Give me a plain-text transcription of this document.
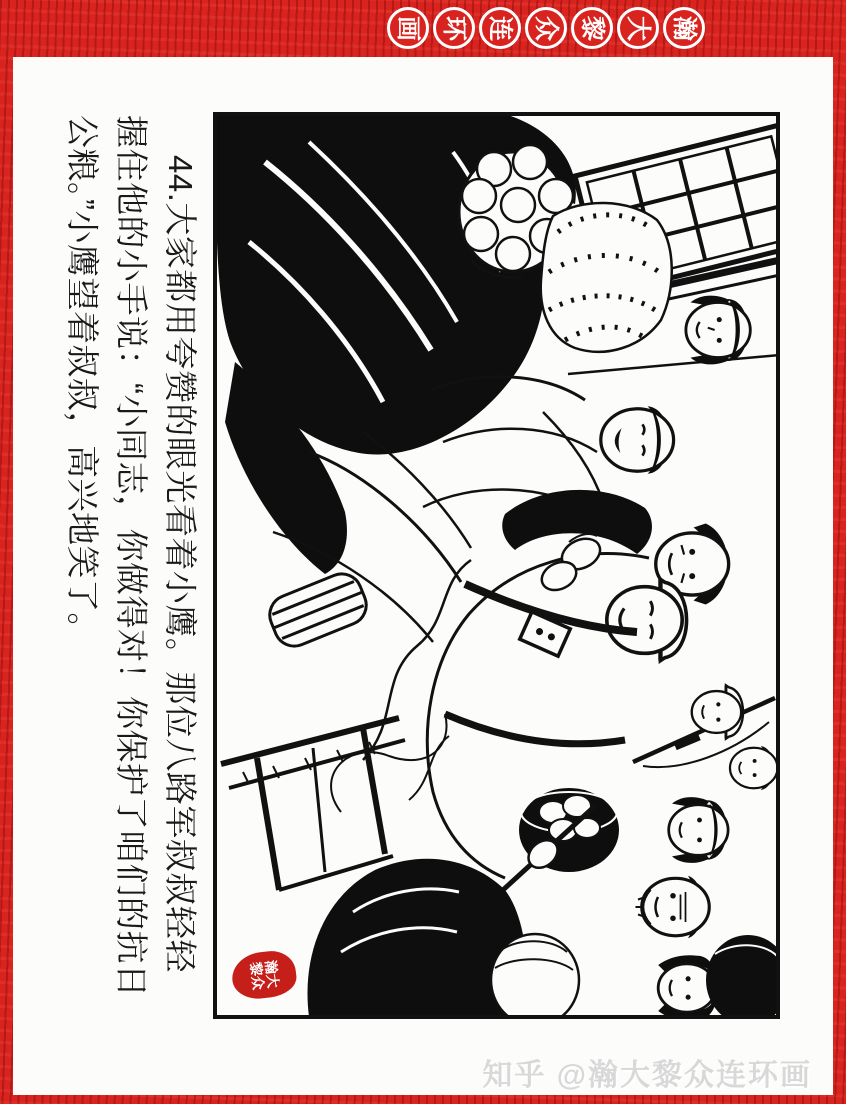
画 环 连 众 黎 大 瀚
44.大家都用夸赞的眼光看着小鹰。那位八路军叔叔轻轻
握住他的小手说：“小同志，你做得对！你保护了咱们的抗日
公粮。”小鹰望着叔叔，高兴地笑了。
瀚大黎众
知乎 @瀚大黎众连环画
